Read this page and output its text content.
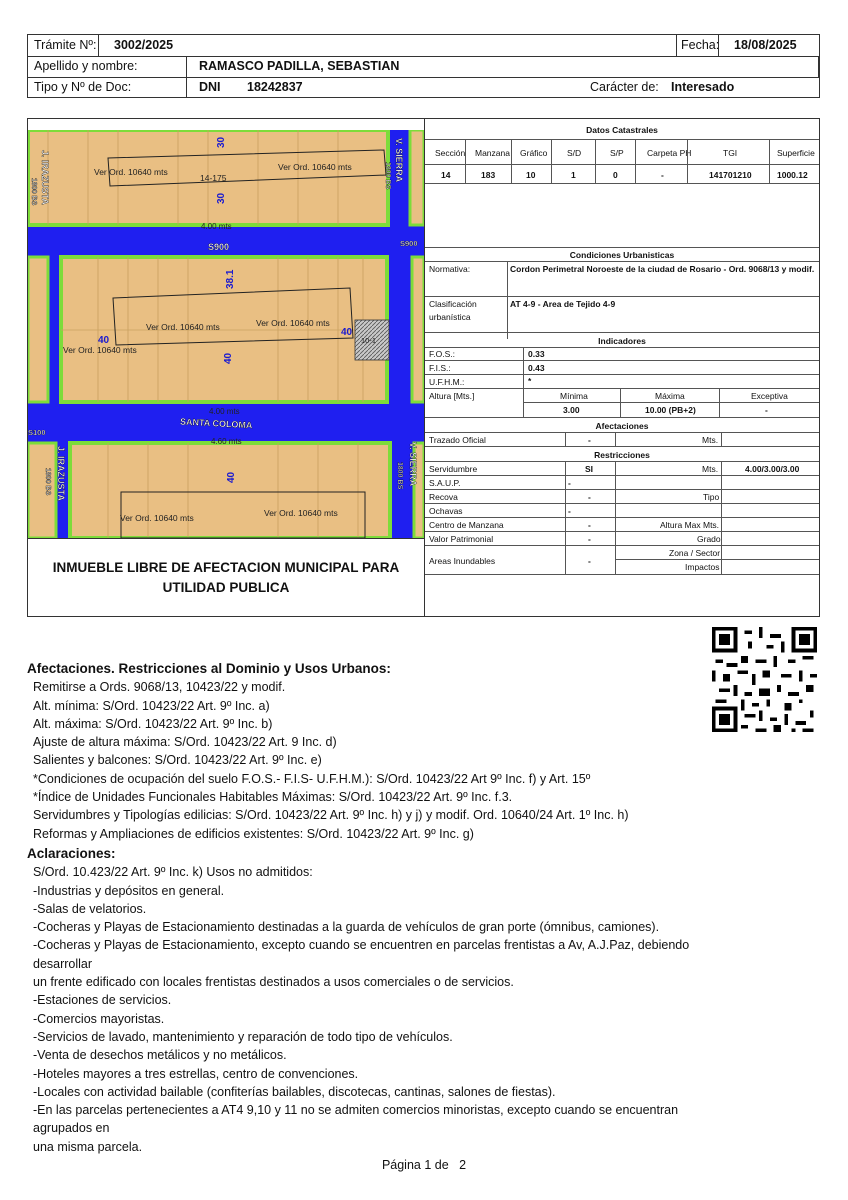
Trámite Nº: 3002/2025	Fecha: 18/08/2025
Apellido y nombre:	RAMASCO PADILLA, SEBASTIAN
Tipo y Nº de Doc:	DNI 18242837	Carácter de: Interesado
Ver Ord. 10640 mts	Ver Ord. 10640 mts
14-175
Ver Ord. 10640 mts	Ver Ord. 10640 mts
Ver Ord. 10640 mts
Ver Ord. 10640 mts	Ver Ord. 10640 mts
10-1
4.00 mts
4.00 mts
4.60 mts
30
30
38.1
40
40
40
40
S900	S900
SANTA COLOMA
S100
J. IRAZUSTA
1800 BS
V. SIERRA
1800 BS
J. IRAZUSTA
1800 BS	V. SIERRA
1800 BS
INMUEBLE LIBRE DE AFECTACION MUNICIPAL PARA UTILIDAD PUBLICA
Datos Catastrales
Sección Manzana Gráfico S/D	S/P	Carpeta PH	TGI	Superficie
14	183	10	1	0	-	141701210	1000.12
Condiciones Urbanisticas
Normativa:	Cordon Perimetral Noroeste de la ciudad de Rosario - Ord. 9068/13 y modif.
Clasificación
urbanística
AT 4-9 - Area de Tejido 4-9
Indicadores
F.O.S.:	0.33
F.I.S.:	0.43
U.F.H.M.:	*
Altura [Mts.]	Mínima	Máxima	Exceptiva
3.00	10.00 (PB+2)	-
Afectaciones
Trazado Oficial	-	Mts.
Restricciones
Servidumbre	SI	Mts.	4.00/3.00/3.00
S.A.U.P.	-
Recova	-	Tipo
Ochavas	-
Centro de Manzana	-	Altura Max Mts.
Valor Patrimonial	-	Grado
Areas Inundables	-
Zona / Sector
Impactos
Afectaciones. Restricciones al Dominio y Usos Urbanos:
Remitirse a Ords. 9068/13, 10423/22 y modif.
Alt. mínima: S/Ord. 10423/22 Art. 9º Inc. a)
Alt. máxima: S/Ord. 10423/22 Art. 9º Inc. b)
Ajuste de altura máxima: S/Ord. 10423/22 Art. 9 Inc. d)
Salientes y balcones: S/Ord. 10423/22 Art. 9º Inc. e)
*Condiciones de ocupación del suelo F.O.S.- F.I.S- U.F.H.M.): S/Ord. 10423/22 Art 9º Inc. f) y Art. 15º
*Índice de Unidades Funcionales Habitables Máximas: S/Ord. 10423/22 Art. 9º Inc. f.3.
Servidumbres y Tipologías edilicias: S/Ord. 10423/22 Art. 9º Inc. h) y j) y modif. Ord. 10640/24 Art. 1º Inc. h)
Reformas y Ampliaciones de edificios existentes: S/Ord. 10423/22 Art. 9º Inc. g)
Aclaraciones:
S/Ord. 10.423/22 Art. 9º Inc. k) Usos no admitidos:
-Industrias y depósitos en general.
-Salas de velatorios.
-Cocheras y Playas de Estacionamiento destinadas a la guarda de vehículos de gran porte (ómnibus, camiones).
-Cocheras y Playas de Estacionamiento, excepto cuando se encuentren en parcelas frentistas a Av, A.J.Paz, debiendo desarrollar
un frente edificado con locales frentistas destinados a usos comerciales o de servicios.
-Estaciones de servicios.
-Comercios mayoristas.
-Servicios de lavado, mantenimiento y reparación de todo tipo de vehículos.
-Venta de desechos metálicos y no metálicos.
-Hoteles mayores a tres estrellas, centro de convenciones.
-Locales con actividad bailable (confiterías bailables, discotecas, cantinas, salones de fiestas).
-En las parcelas pertenecientes a AT4 9,10 y 11 no se admiten comercios minoristas, excepto cuando se encuentran agrupados en
una misma parcela.
Página 1 de   2
